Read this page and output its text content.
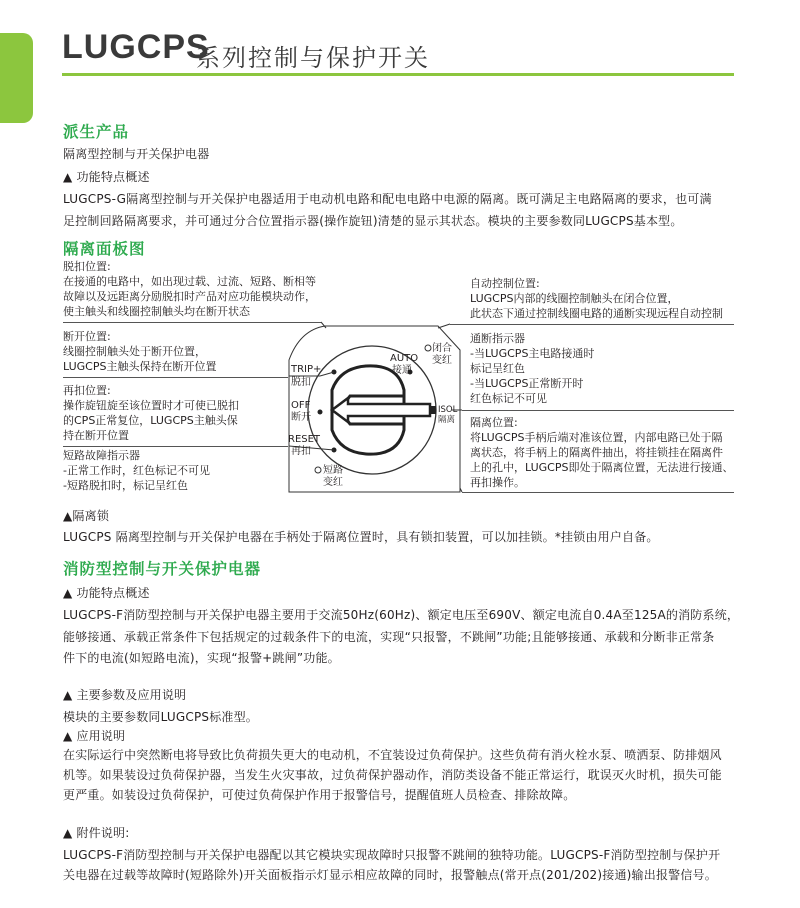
LUGCPS
系列控制与保护开关
派生产品
隔离型控制与开关保护电器
▲ 功能特点概述
LUGCPS-G隔离型控制与开关保护电器适用于电动机电路和配电电路中电源的隔离。既可满足主电路隔离的要求，也可满
足控制回路隔离要求，并可通过分合位置指示器(操作旋钮)清楚的显示其状态。模块的主要参数同LUGCPS基本型。
隔离面板图
脱扣位置:
在接通的电路中，如出现过载、过流、短路、断相等
故障以及远距离分励脱扣时产品对应功能模块动作，
使主触头和线圈控制触头均在断开状态
断开位置:
线圈控制触头处于断开位置，
LUGCPS主触头保持在断开位置
再扣位置:
操作旋钮旋至该位置时才可使已脱扣
的CPS正常复位，LUGCPS主触头保
持在断开位置
短路故障指示器
-正常工作时，红色标记不可见
-短路脱扣时，标记呈红色
自动控制位置:
LUGCPS内部的线圈控制触头在闭合位置，
此状态下通过控制线圈电路的通断实现远程自动控制
通断指示器
-当LUGCPS主电路接通时
标记呈红色
-当LUGCPS正常断开时
红色标记不可见
隔离位置:
将LUGCPS手柄后端对准该位置，内部电路已处于隔
离状态，将手柄上的隔离件抽出，将挂锁挂在隔离件
上的孔中，LUGCPS即处于隔离位置，无法进行接通、
再扣操作。
TRIP+
脱扣
OFF
断开
RESET
再扣
AUTO
接通
闭合
变红
ISOL
隔离
短路
变红
▲隔离锁
LUGCPS 隔离型控制与开关保护电器在手柄处于隔离位置时，具有锁扣装置，可以加挂锁。*挂锁由用户自备。
消防型控制与开关保护电器
▲ 功能特点概述
LUGCPS-F消防型控制与开关保护电器主要用于交流50Hz(60Hz)、额定电压至690V、额定电流自0.4A至125A的消防系统，
能够接通、承载正常条件下包括规定的过载条件下的电流，实现“只报警，不跳闸”功能;且能够接通、承载和分断非正常条
件下的电流(如短路电流)，实现“报警+跳闸”功能。
▲ 主要参数及应用说明
模块的主要参数同LUGCPS标准型。
▲ 应用说明
在实际运行中突然断电将导致比负荷损失更大的电动机，不宜装设过负荷保护。这些负荷有消火栓水泵、喷洒泵、防排烟风
机等。如果装设过负荷保护器，当发生火灾事故，过负荷保护器动作，消防类设备不能正常运行，耽误灭火时机，损失可能
更严重。如装设过负荷保护，可使过负荷保护作用于报警信号，提醒值班人员检查、排除故障。
▲ 附件说明:
LUGCPS-F消防型控制与开关保护电器配以其它模块实现故障时只报警不跳闸的独特功能。LUGCPS-F消防型控制与保护开
关电器在过载等故障时(短路除外)开关面板指示灯显示相应故障的同时，报警触点(常开点(201/202)接通)输出报警信号。
